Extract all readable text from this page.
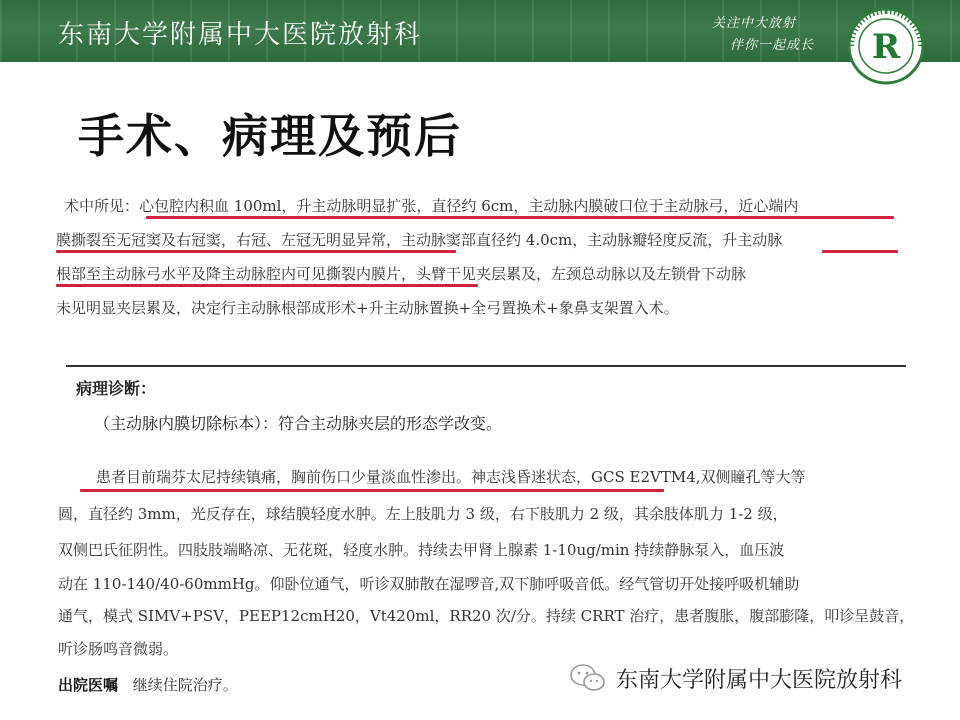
东南大学附属中大医院放射科	关注中大放射
伴你一起成长 R
手术、病理及预后
术中所见：心包腔内积血 100ml，升主动脉明显扩张，直径约 6cm，主动脉内膜破口位于主动脉弓，近心端内
膜撕裂至无冠窦及右冠窦，右冠、左冠无明显异常，主动脉窦部直径约 4.0cm，主动脉瓣轻度反流，升主动脉
根部至主动脉弓水平及降主动脉腔内可见撕裂内膜片，头臂干见夹层累及，左颈总动脉以及左锁骨下动脉
未见明显夹层累及，决定行主动脉根部成形术+升主动脉置换+全弓置换术+象鼻支架置入术。
病理诊断：
（主动脉内膜切除标本）：符合主动脉夹层的形态学改变。
患者目前瑞芬太尼持续镇痛，胸前伤口少量淡血性渗出。神志浅昏迷状态，GCS E2VTM4,双侧瞳孔等大等
圆，直径约 3mm，光反存在，球结膜轻度水肿。左上肢肌力 3 级，右下肢肌力 2 级，其余肢体肌力 1-2 级，
双侧巴氏征阴性。四肢肢端略凉、无花斑，轻度水肿。持续去甲肾上腺素 1-10ug/min 持续静脉泵入，血压波
动在 110-140/40-60mmHg。仰卧位通气，听诊双肺散在湿啰音,双下肺呼吸音低。经气管切开处接呼吸机辅助
通气，模式 SIMV+PSV，PEEP12cmH20，Vt420ml，RR20 次/分。持续 CRRT 治疗，患者腹胀，腹部膨隆，叩诊呈鼓音，
听诊肠鸣音微弱。
出院医嘱 继续住院治疗。	东南大学附属中大医院放射科
